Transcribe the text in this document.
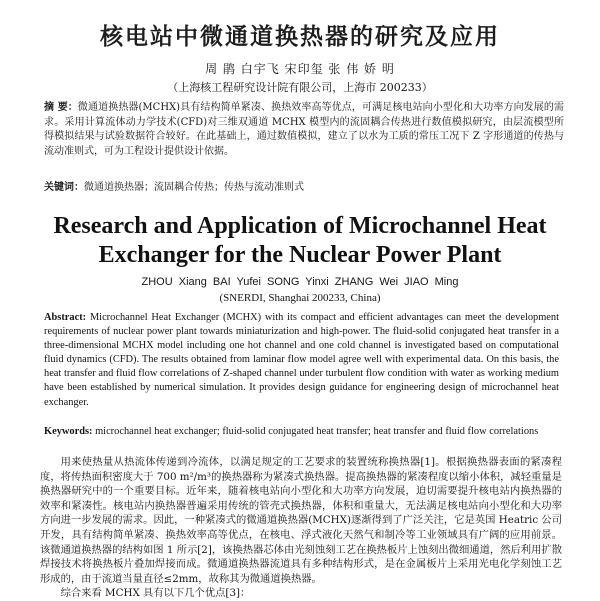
核电站中微通道换热器的研究及应用
周 鹃 白宇飞 宋印玺 张 伟 娇 明
（上海核工程研究设计院有限公司，上海市 200233）
摘 要：微通道换热器(MCHX)具有结构简单紧凑、换热效率高等优点，可满足核电站向小型化和大功率方向发展的需求。采用计算流体动力学技术(CFD)对三维双通道 MCHX 模型内的流固耦合传热进行数值模拟研究，由层流模型所得模拟结果与试验数据符合较好。在此基础上，通过数值模拟，建立了以水为工质的常压工况下 Z 字形通道的传热与流动准则式，可为工程设计提供设计依据。
关键词：微通道换热器；流固耦合传热；传热与流动准则式
Research and Application of Microchannel Heat
Exchanger for the Nuclear Power Plant
ZHOU Xiang BAI Yufei SONG Yinxi ZHANG Wei JIAO Ming
(SNERDI, Shanghai 200233, China)
Abstract: Microchannel Heat Exchanger (MCHX) with its compact and efficient advantages can meet the development requirements of nuclear power plant towards miniaturization and high-power. The fluid-solid conjugated heat transfer in a three-dimensional MCHX model including one hot channel and one cold channel is investigated based on computational fluid dynamics (CFD). The results obtained from laminar flow model agree well with experimental data. On this basis, the heat transfer and fluid flow correlations of Z-shaped channel under turbulent flow condition with water as working medium have been established by numerical simulation. It provides design guidance for engineering design of microchannel heat exchanger.
Keywords: microchannel heat exchanger; fluid-solid conjugated heat transfer; heat transfer and fluid flow correlations

用来使热量从热流体传递到冷流体，以满足规定的工艺要求的装置统称换热器[1]。根据换热器表面的紧凑程度，将传热面积密度大于 700 m²/m³的换热器称为紧凑式换热器。提高换热器的紧凑程度以缩小体积，减轻重量是换热器研究中的一个重要目标。近年来，随着核电站向小型化和大功率方向发展，迫切需要提升核电站内换热器的效率和紧凑性。核电站内换热器普遍采用传统的管壳式换热器，体积和重量大，无法满足核电站向小型化和大功率方向进一步发展的需求。因此，一种紧凑式的微通道换热器(MCHX)逐渐得到了广泛关注，它是英国 Heatric 公司开发，具有结构简单紧凑、换热效率高等优点，在核电、浮式液化天然气和制冷等工业领域具有广阔的应用前景。该微通道换热器的结构如图 1 所示[2]，该换热器芯体由光刻蚀刻工艺在换热板片上蚀刻出微细通道，然后利用扩散焊接技术将换热板片叠加焊接而成。微通道换热器流道具有多种结构形式，是在金属板片上采用光电化学刻蚀工艺形成的，由于流道当量直径≤2mm，故称其为微通道换热器。

综合来看 MCHX 具有以下几个优点[3]：
